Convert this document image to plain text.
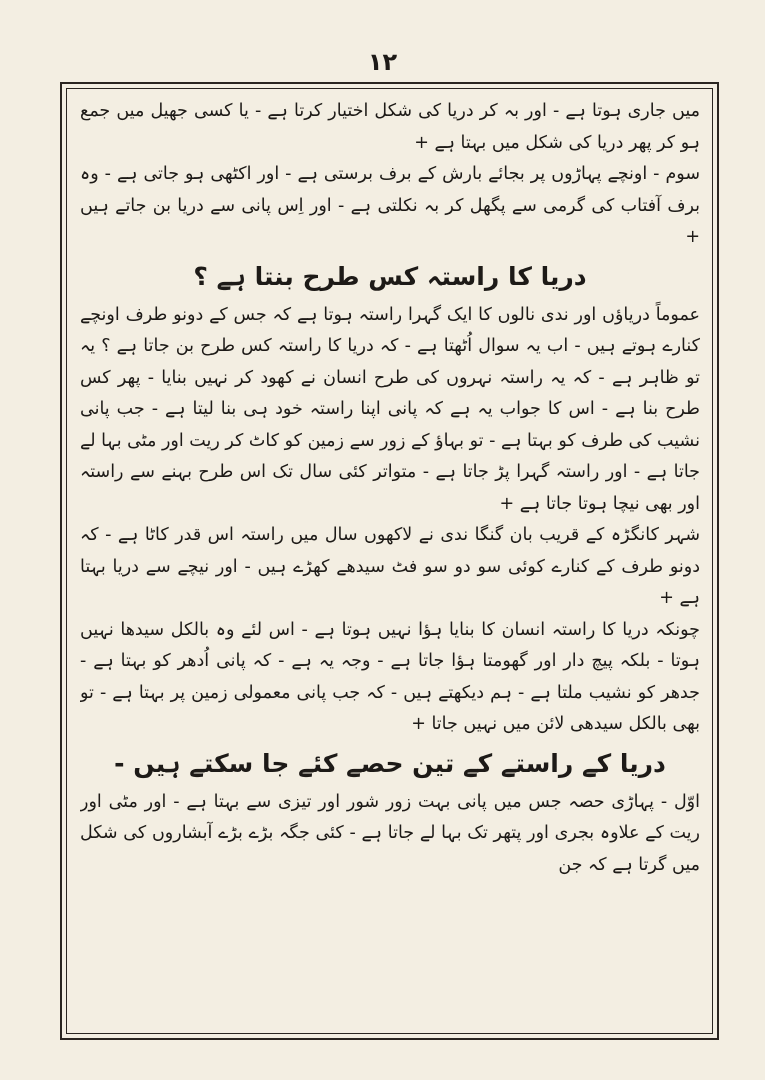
۱۲

میں جاری ہوتا ہے - اور بہ کر دریا کی شکل اختیار کرتا ہے - یا کسی جھیل میں جمع ہو کر پھر دریا کی شکل میں بہتا ہے +

سوم - اونچے پہاڑوں پر بجائے بارش کے برف برستی ہے - اور اکٹھی ہو جاتی ہے - وہ برف آفتاب کی گرمی سے پگھل کر بہ نکلتی ہے - اور اِس پانی سے دریا بن جاتے ہیں +

دریا کا راستہ کس طرح بنتا ہے ؟

عموماً دریاؤں اور ندی نالوں کا ایک گہرا راستہ ہوتا ہے کہ جس کے دونو طرف اونچے کنارے ہوتے ہیں - اب یہ سوال اُٹھتا ہے - کہ دریا کا راستہ کس طرح بن جاتا ہے ؟ یہ تو ظاہر ہے - کہ یہ راستہ نہروں کی طرح انسان نے کھود کر نہیں بنایا - پھر کس طرح بنا ہے - اس کا جواب یہ ہے کہ پانی اپنا راستہ خود ہی بنا لیتا ہے - جب پانی نشیب کی طرف کو بہتا ہے - تو بہاؤ کے زور سے زمین کو کاٹ کر ریت اور مٹی بہا لے جاتا ہے - اور راستہ گہرا پڑ جاتا ہے - متواتر کئی سال تک اس طرح بہنے سے راستہ اور بھی نیچا ہوتا جاتا ہے +

شہر کانگڑہ کے قریب بان گنگا ندی نے لاکھوں سال میں راستہ اس قدر کاٹا ہے - کہ دونو طرف کے کنارے کوئی سو دو سو فٹ سیدھے کھڑے ہیں - اور نیچے سے دریا بہتا ہے +

چونکہ دریا کا راستہ انسان کا بنایا ہؤا نہیں ہوتا ہے - اس لئے وہ بالکل سیدھا نہیں ہوتا - بلکہ پیچ دار اور گھومتا ہؤا جاتا ہے - وجہ یہ ہے - کہ پانی اُدھر کو بہتا ہے - جدھر کو نشیب ملتا ہے - ہم دیکھتے ہیں - کہ جب پانی معمولی زمین پر بہتا ہے - تو بھی بالکل سیدھی لائن میں نہیں جاتا +

دریا کے راستے کے تین حصے کئے جا سکتے ہیں -

اوّل - پہاڑی حصہ جس میں پانی بہت زور شور اور تیزی سے بہتا ہے - اور مٹی اور ریت کے علاوہ بجری اور پتھر تک بہا لے جاتا ہے - کئی جگہ بڑے بڑے آبشاروں کی شکل میں گرتا ہے کہ جن
